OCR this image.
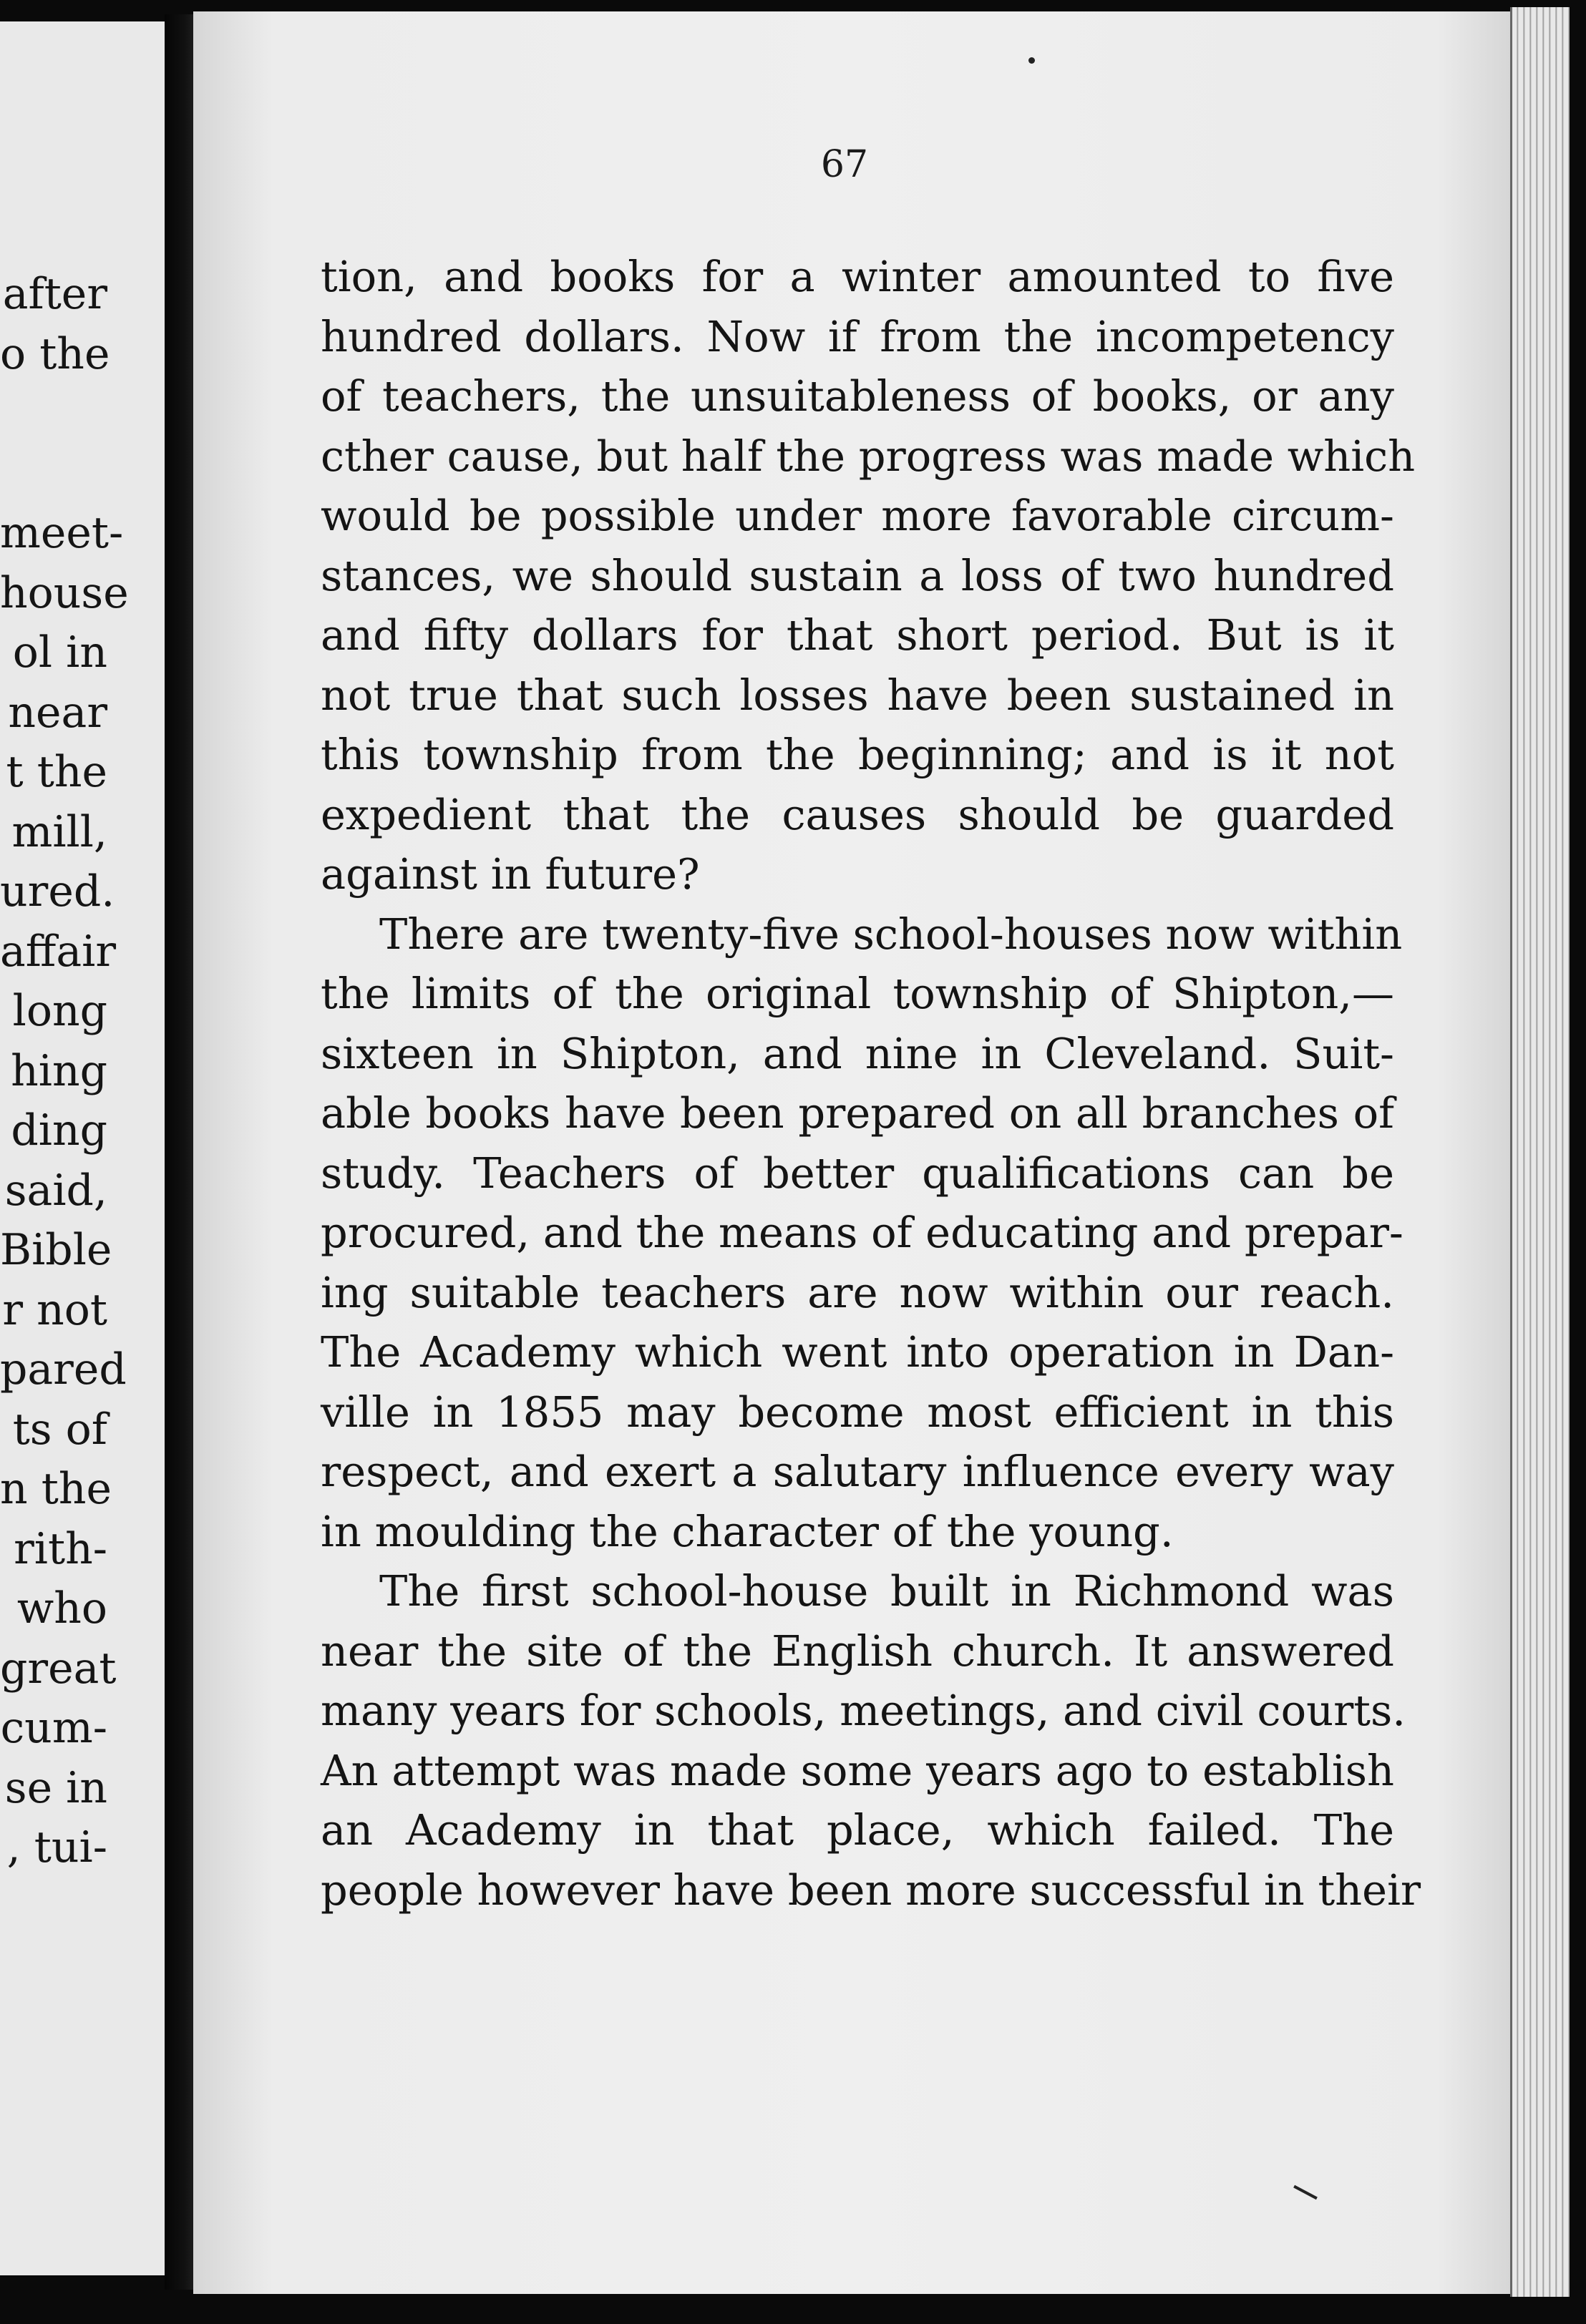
after
o the
meet-
house
ol in
near
t the
mill,
ured.
affair
long
hing
ding
said,
Bible
r not
pared
ts of
n the
rith-
who
great
cum-
se in
, tui-
67
tion, and books for a winter amounted to five
hundred dollars. Now if from the incompetency
of teachers, the unsuitableness of books, or any
cther cause, but half the progress was made which
would be possible under more favorable circum-
stances, we should sustain a loss of two hundred
and fifty dollars for that short period. But is it
not true that such losses have been sustained in
this township from the beginning; and is it not
expedient that the causes should be guarded
against in future?
There are twenty-five school-houses now within
the limits of the original township of Shipton,—
sixteen in Shipton, and nine in Cleveland. Suit-
able books have been prepared on all branches of
study. Teachers of better qualifications can be
procured, and the means of educating and prepar-
ing suitable teachers are now within our reach.
The Academy which went into operation in Dan-
ville in 1855 may become most efficient in this
respect, and exert a salutary influence every way
in moulding the character of the young.
The first school-house built in Richmond was
near the site of the English church. It answered
many years for schools, meetings, and civil courts.
An attempt was made some years ago to establish
an Academy in that place, which failed. The
people however have been more successful in their
